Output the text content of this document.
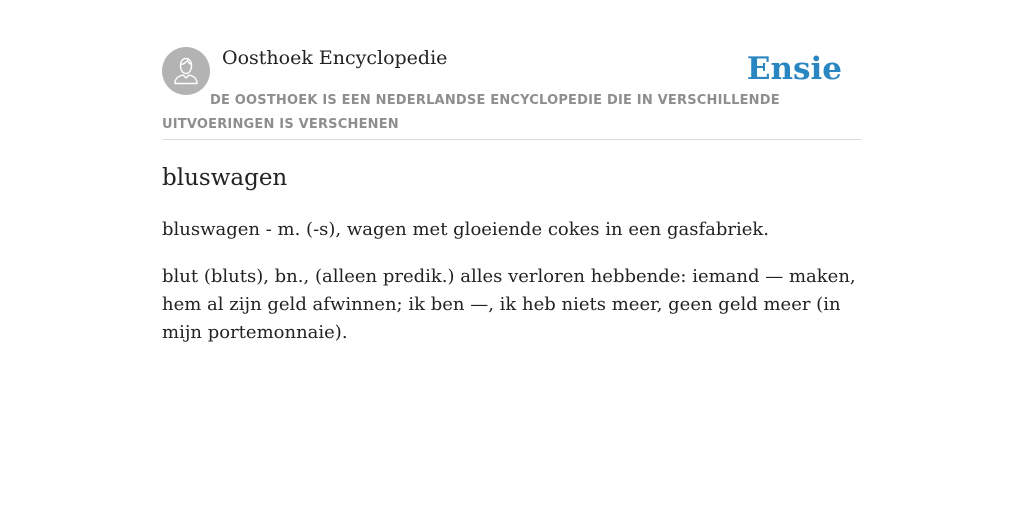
Oosthoek Encyclopedie	Ensie
DE OOSTHOEK IS EEN NEDERLANDSE ENCYCLOPEDIE DIE IN VERSCHILLENDE UITVOERINGEN IS VERSCHENEN
bluswagen

bluswagen - m. (-s), wagen met gloeiende cokes in een gasfabriek.

blut (bluts), bn., (alleen predik.) alles verloren hebbende: iemand — maken, hem al zijn geld afwinnen; ik ben —, ik heb niets meer, geen geld meer (in mijn portemonnaie).
